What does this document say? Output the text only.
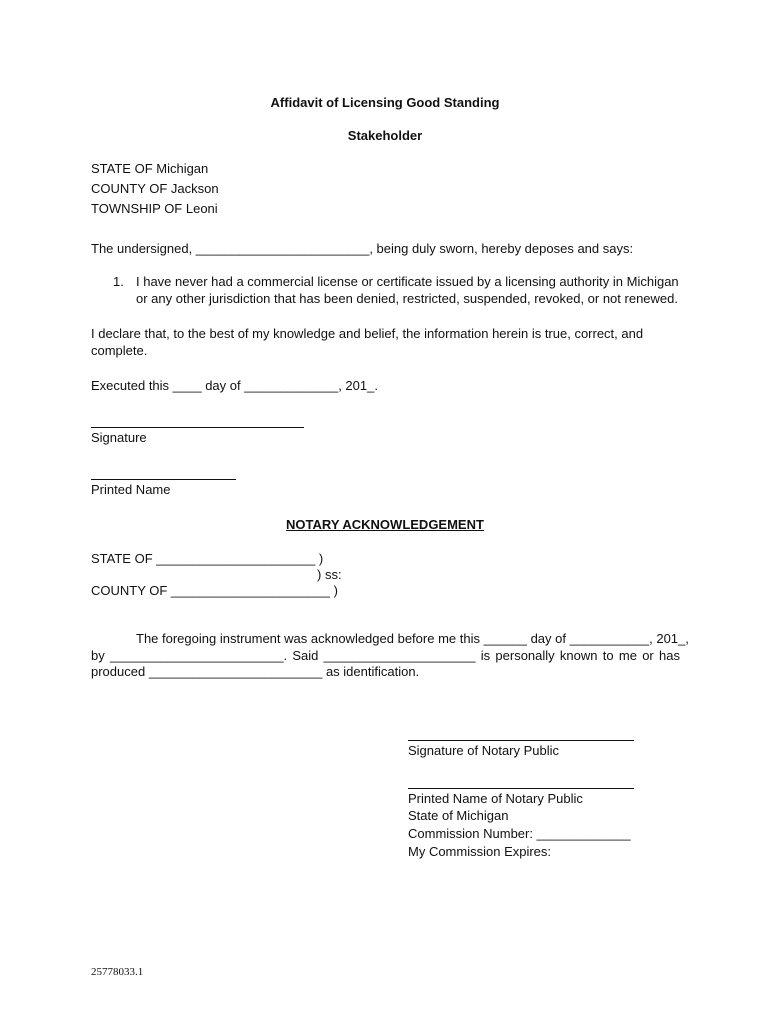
Affidavit of Licensing Good Standing
Stakeholder
STATE OF Michigan
COUNTY OF Jackson
TOWNSHIP OF Leoni
The undersigned, ________________________, being duly sworn, hereby deposes and says:
1. I have never had a commercial license or certificate issued by a licensing authority in Michigan
or any other jurisdiction that has been denied, restricted, suspended, revoked, or not renewed.
I declare that, to the best of my knowledge and belief, the information herein is true, correct, and
complete.
Executed this ____ day of _____________, 201_.
Signature
Printed Name
NOTARY ACKNOWLEDGEMENT
STATE OF ______________________ )
) ss:
COUNTY OF ______________________ )
The foregoing instrument was acknowledged before me this ______ day of ___________, 201_,
by ________________________. Said _____________________ is personally known to me or has
produced ________________________ as identification.
Signature of Notary Public
Printed Name of Notary Public
State of Michigan
Commission Number: _____________
My Commission Expires:
25778033.1
